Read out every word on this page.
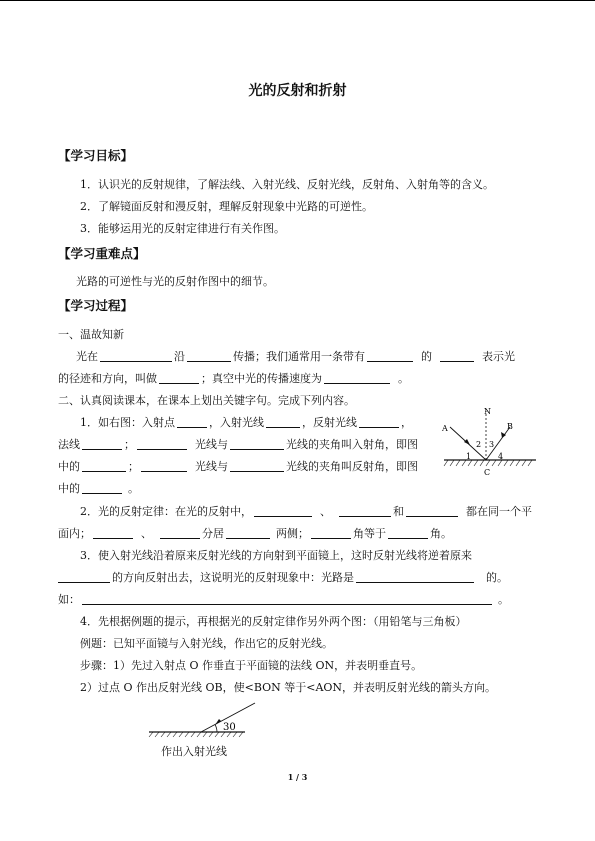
光的反射和折射
【学习目标】
1．认识光的反射规律，了解法线、入射光线、反射光线，反射角、入射角等的含义。
2．了解镜面反射和漫反射，理解反射现象中光路的可逆性。
3．能够运用光的反射定律进行有关作图。
【学习重难点】
光路的可逆性与光的反射作图中的细节。
【学习过程】
一、温故知新
光在	沿	传播；我们通常用一条带有	的	表示光
的径迹和方向，叫做	；真空中光的传播速度为	。
二、认真阅读课本，在课本上划出关键字句。完成下列内容。
1．如右图：入射点	，入射光线	，反射光线	，
法线	；	光线与	光线的夹角叫入射角，即图
中的	；	光线与	光线的夹角叫反射角，即图
中的	。
N
A	B
C
1
2 3
4
2．光的反射定律：在光的反射中，	、	和	都在同一个平
面内；	、	分居	两侧；	角等于	角。
3．使入射光线沿着原来反射光线的方向射到平面镜上，这时反射光线将逆着原来
的方向反射出去，这说明光的反射现象中：光路是	的。
如：	。
4．先根据例题的提示，再根据光的反射定律作另外两个图：（用铅笔与三角板）
例题：已知平面镜与入射光线，作出它的反射光线。
步骤：1）先过入射点 O 作垂直于平面镜的法线 ON，并表明垂直号。
2）过点 O 作出反射光线 OB，使<BON 等于<AON，并表明反射光线的箭头方向。
30
作出入射光线
1 / 3
